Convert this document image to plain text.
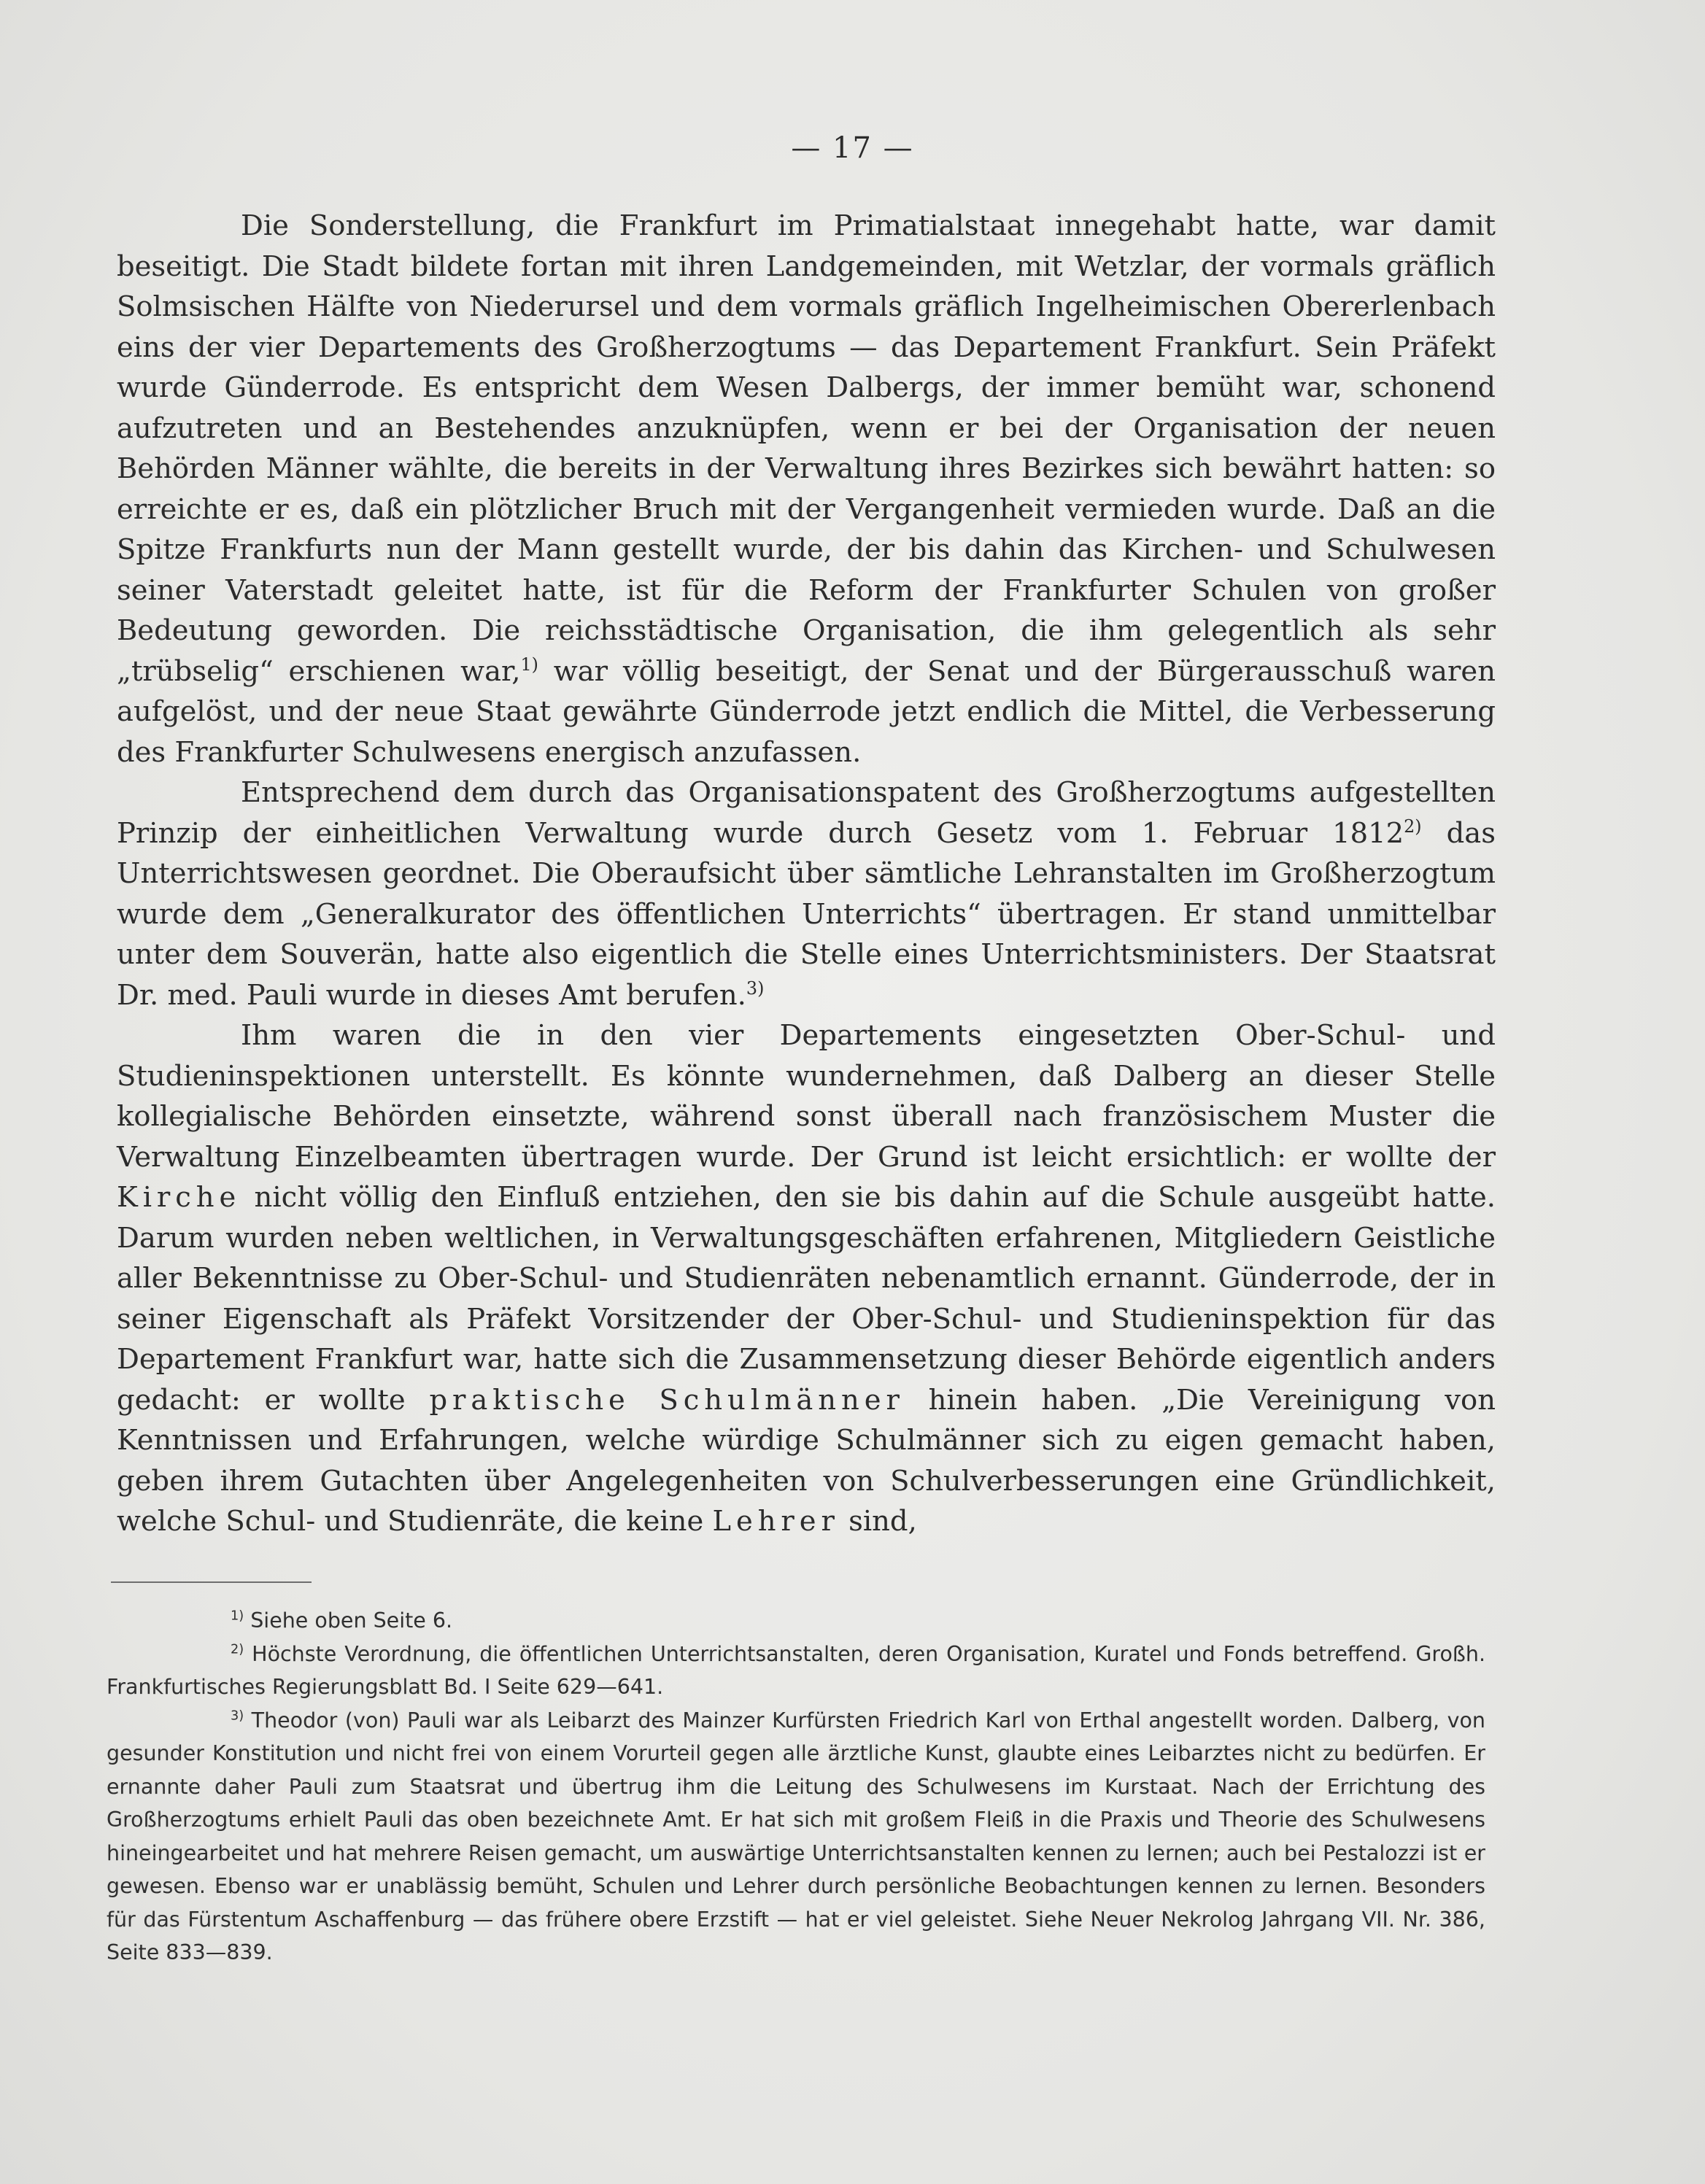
— 17 —

Die Sonderstellung, die Frankfurt im Primatialstaat innegehabt hatte, war damit beseitigt. Die Stadt bildete fortan mit ihren Landgemeinden, mit Wetzlar, der vormals gräflich Solmsischen Hälfte von Niederursel und dem vormals gräflich Ingelheimischen Obererlenbach eins der vier Departements des Großherzogtums — das Departement Frankfurt. Sein Präfekt wurde Günderrode. Es entspricht dem Wesen Dalbergs, der immer bemüht war, schonend aufzutreten und an Bestehendes anzuknüpfen, wenn er bei der Organisation der neuen Behörden Männer wählte, die bereits in der Verwaltung ihres Bezirkes sich bewährt hatten: so erreichte er es, daß ein plötzlicher Bruch mit der Vergangenheit vermieden wurde. Daß an die Spitze Frankfurts nun der Mann gestellt wurde, der bis dahin das Kirchen- und Schulwesen seiner Vaterstadt geleitet hatte, ist für die Reform der Frankfurter Schulen von großer Bedeutung geworden. Die reichsstädtische Organisation, die ihm gelegentlich als sehr „trübselig“ erschienen war,$^{1)}$ war völlig beseitigt, der Senat und der Bürgerausschuß waren aufgelöst, und der neue Staat gewährte Günderrode jetzt endlich die Mittel, die Verbesserung des Frankfurter Schulwesens energisch anzufassen.

Entsprechend dem durch das Organisationspatent des Großherzogtums aufgestellten Prinzip der einheitlichen Verwaltung wurde durch Gesetz vom 1. Februar 1812$^{2)}$ das Unterrichtswesen geordnet. Die Oberaufsicht über sämtliche Lehranstalten im Großherzogtum wurde dem „Generalkurator des öffentlichen Unterrichts“ übertragen. Er stand unmittelbar unter dem Souverän, hatte also eigentlich die Stelle eines Unterrichtsministers. Der Staatsrat Dr. med. Pauli wurde in dieses Amt berufen.$^{3)}$

Ihm waren die in den vier Departements eingesetzten Ober-Schul- und Studieninspektionen unterstellt. Es könnte wundernehmen, daß Dalberg an dieser Stelle kollegialische Behörden einsetzte, während sonst überall nach französischem Muster die Verwaltung Einzelbeamten übertragen wurde. Der Grund ist leicht ersichtlich: er wollte der Kirche nicht völlig den Einfluß entziehen, den sie bis dahin auf die Schule ausgeübt hatte. Darum wurden neben weltlichen, in Verwaltungsgeschäften erfahrenen, Mitgliedern Geistliche aller Bekenntnisse zu Ober-Schul- und Studienräten nebenamtlich ernannt. Günderrode, der in seiner Eigenschaft als Präfekt Vorsitzender der Ober-Schul- und Studieninspektion für das Departement Frankfurt war, hatte sich die Zusammensetzung dieser Behörde eigentlich anders gedacht: er wollte praktische Schulmänner hinein haben. „Die Vereinigung von Kenntnissen und Erfahrungen, welche würdige Schulmänner sich zu eigen gemacht haben, geben ihrem Gutachten über Angelegenheiten von Schulverbesserungen eine Gründlichkeit, welche Schul- und Studienräte, die keine Lehrer sind,

$^{1)}$ Siehe oben Seite 6.

$^{2)}$ Höchste Verordnung, die öffentlichen Unterrichtsanstalten, deren Organisation, Kuratel und Fonds betreffend. Großh. Frankfurtisches Regierungsblatt Bd. I Seite 629—641.

$^{3)}$ Theodor (von) Pauli war als Leibarzt des Mainzer Kurfürsten Friedrich Karl von Erthal angestellt worden. Dalberg, von gesunder Konstitution und nicht frei von einem Vorurteil gegen alle ärztliche Kunst, glaubte eines Leibarztes nicht zu bedürfen. Er ernannte daher Pauli zum Staatsrat und übertrug ihm die Leitung des Schulwesens im Kurstaat. Nach der Errichtung des Großherzogtums erhielt Pauli das oben bezeichnete Amt. Er hat sich mit großem Fleiß in die Praxis und Theorie des Schulwesens hineingearbeitet und hat mehrere Reisen gemacht, um auswärtige Unterrichtsanstalten kennen zu lernen; auch bei Pestalozzi ist er gewesen. Ebenso war er unablässig bemüht, Schulen und Lehrer durch persönliche Beobachtungen kennen zu lernen. Besonders für das Fürstentum Aschaffenburg — das frühere obere Erzstift — hat er viel geleistet. Siehe Neuer Nekrolog Jahrgang VII. Nr. 386, Seite 833—839.
